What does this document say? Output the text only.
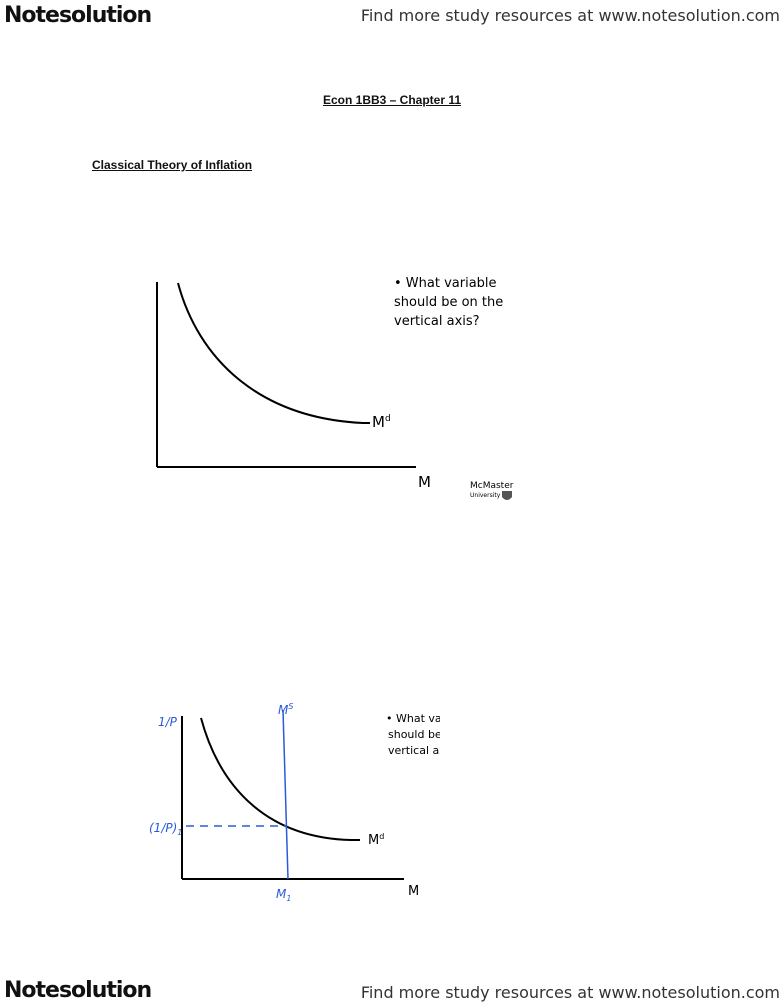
Notesolution	Find more study resources at www.notesolution.com
Econ 1BB3 – Chapter 11
Classical Theory of Inflation
$M^d$
M
• What variable
should be on the
vertical axis?
McMaster
University
$M^d$
M
$M^S$
1/P
$(1/P)_1$
$M_1$
• What va
should be
vertical ax
Notesolution	Find more study resources at www.notesolution.com
